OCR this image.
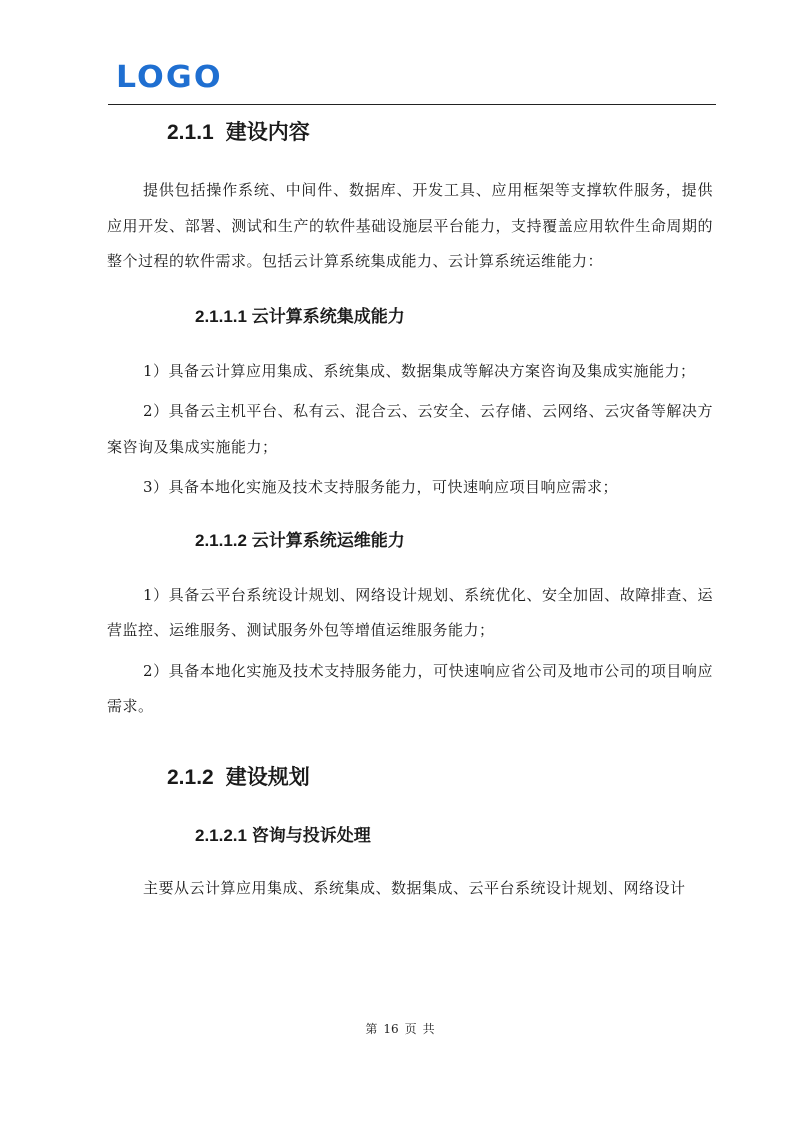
LOGO
2.1.1 建设内容

提供包括操作系统、中间件、数据库、开发工具、应用框架等支撑软件服务，提供应用开发、部署、测试和生产的软件基础设施层平台能力，支持覆盖应用软件生命周期的整个过程的软件需求。包括云计算系统集成能力、云计算系统运维能力：

2.1.1.1 云计算系统集成能力

1）具备云计算应用集成、系统集成、数据集成等解决方案咨询及集成实施能力；

2）具备云主机平台、私有云、混合云、云安全、云存储、云网络、云灾备等解决方案咨询及集成实施能力；

3）具备本地化实施及技术支持服务能力，可快速响应项目响应需求；

2.1.1.2 云计算系统运维能力

1）具备云平台系统设计规划、网络设计规划、系统优化、安全加固、故障排查、运营监控、运维服务、测试服务外包等增值运维服务能力；

2）具备本地化实施及技术支持服务能力，可快速响应省公司及地市公司的项目响应需求。

2.1.2 建设规划
2.1.2.1 咨询与投诉处理

主要从云计算应用集成、系统集成、数据集成、云平台系统设计规划、网络设计

第 16 页 共
